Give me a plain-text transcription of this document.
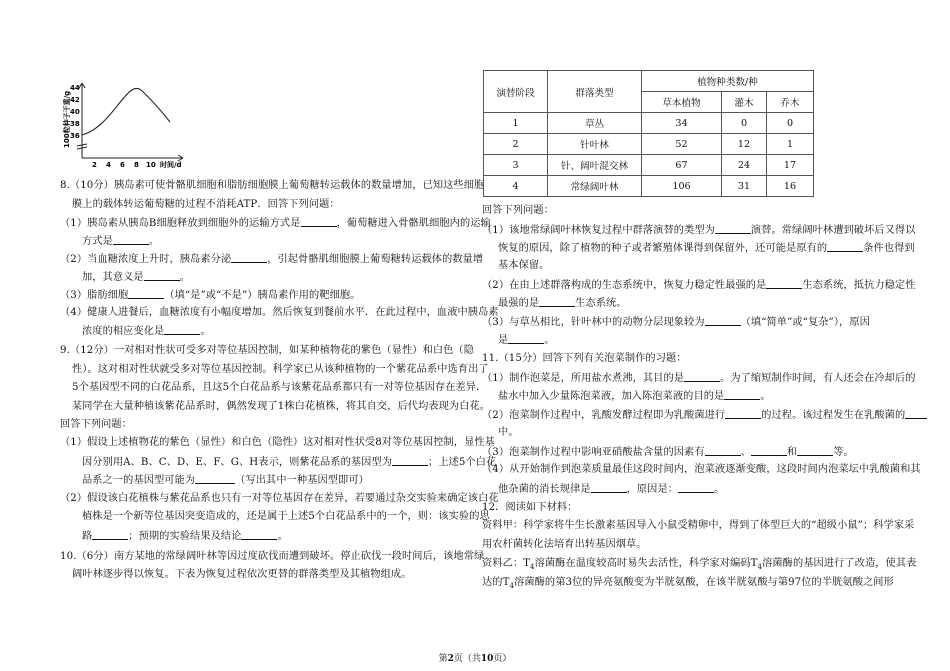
100粒种子干重/g
44
42
40
38
36
2 4 6 8 10 时间/d
8.（10分）胰岛素可使骨骼肌细胞和脂肪细胞膜上葡萄糖转运载体的数量增加，已知这些细胞
膜上的载体转运葡萄糖的过程不消耗ATP．回答下列问题：
（1）胰岛素从胰岛B细胞释放到细胞外的运输方式是	，葡萄糖进入骨骼肌细胞内的运输
方式是	。
（2）当血糖浓度上升时，胰岛素分泌	，引起骨骼肌细胞膜上葡萄糖转运载体的数量增
加，其意义是	。
（3）脂肪细胞	（填“是”或“不是”）胰岛素作用的靶细胞。
（4）健康人进餐后，血糖浓度有小幅度增加。然后恢复到餐前水平．在此过程中，血液中胰岛素
浓度的相应变化是	。
9.（12分）一对相对性状可受多对等位基因控制，如某种植物花的紫色（显性）和白色（隐
性）。这对相对性状就受多对等位基因控制。科学家已从该种植物的一个紫花品系中选育出了
5个基因型不同的白花品系，且这5个白花品系与该紫花品系都只有一对等位基因存在差异．
某同学在大量种植该紫花品系时，偶然发现了1株白花植株，将其自交，后代均表现为白花。
回答下列问题：
（1）假设上述植物花的紫色（显性）和白色（隐性）这对相对性状受8对等位基因控制，显性基
因分别用A、B、C、D、E、F、G、H表示，则紫花品系的基因型为	；上述5个白花
品系之一的基因型可能为	（写出其中一种基因型即可）
（2）假设该白花植株与紫花品系也只有一对等位基因存在差异，若要通过杂交实验来确定该白花
植株是一个新等位基因突变造成的，还是属于上述5个白花品系中的一个，则：该实验的思
路	；预期的实验结果及结论	。
10.（6分）南方某地的常绿阔叶林等因过度砍伐而遭到破坏。停止砍伐一段时间后，该地常绿
阔叶林逐步得以恢复。下表为恢复过程依次更替的群落类型及其植物组成。
演替阶段	群落类型	植物种类数/种		
		草本植物	灌木	乔木
1	草丛	34	0	0
2	针叶林	52	12	1
3	针、阔叶混交林	67	24	17
4	常绿阔叶林	106	31	16
回答下列问题：
（1）该地常绿阔叶林恢复过程中群落演替的类型为	演替。常绿阔叶林遭到破坏后又得以
恢复的原因，除了植物的种子或者繁殖体课得到保留外，还可能是原有的	条件也得到
基本保留。
（2）在由上述群落构成的生态系统中，恢复力稳定性最强的是	生态系统，抵抗力稳定性
最强的是	生态系统。
（3）与草丛相比，针叶林中的动物分层现象较为	（填“简单”或“复杂”），原因
是	。
11.（15分）回答下列有关泡菜制作的习题：
（1）制作泡菜是，所用盐水煮沸，其目的是	。为了缩短制作时间，有人还会在冷却后的
盐水中加入少量陈泡菜液，加入陈泡菜液的目的是	。
（2）泡菜制作过程中，乳酸发酵过程即为乳酸菌进行	的过程。该过程发生在乳酸菌的
中。
（3）泡菜制作过程中影响亚硝酸盐含量的因素有	、	和	等。
（4）从开始制作到泡菜质量最佳这段时间内，泡菜液逐渐变酸，这段时间内泡菜坛中乳酸菌和其
他杂菌的消长规律是	，原因是：	。
12．阅读如下材料：
资料甲：科学家将牛生长激素基因导入小鼠受精卵中，得到了体型巨大的“超级小鼠”；科学家采
用农杆菌转化法培育出转基因烟草。
资料乙：$T_4$溶菌酶在温度较高时易失去活性，科学家对编码$T_4$溶菌酶的基因进行了改造，使其表
达的$T_4$溶菌酶的第3位的异亮氨酸变为半胱氨酸，在该半胱氨酸与第97位的半胱氨酸之间形
第2页（共10页）
